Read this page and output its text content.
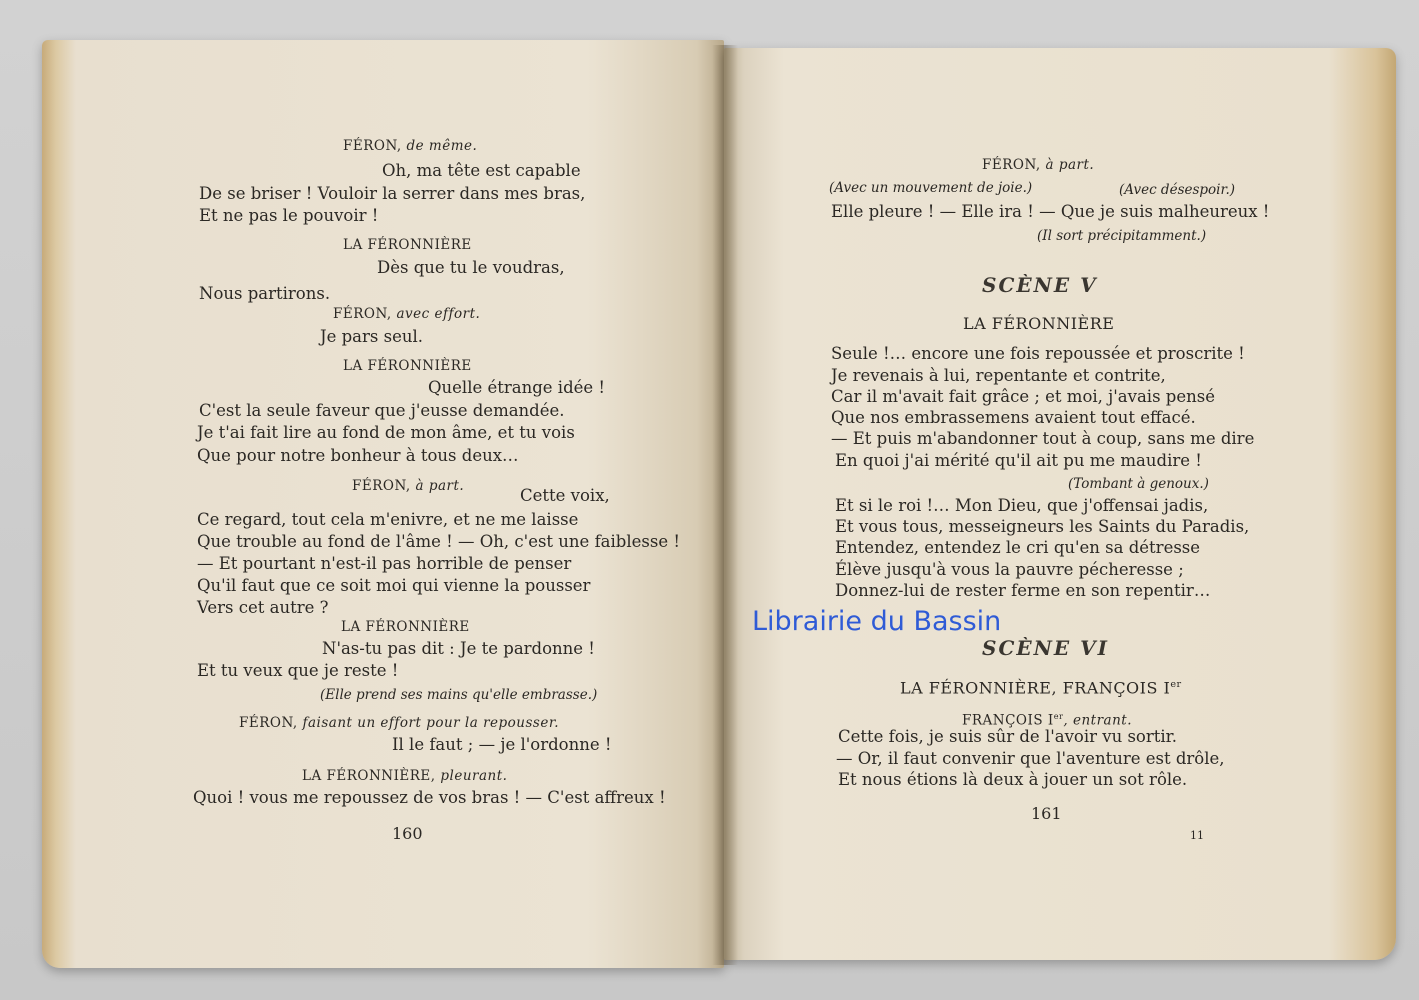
FÉRON, de même.
Oh, ma tête est capable
De se briser ! Vouloir la serrer dans mes bras,
Et ne pas le pouvoir !
LA FÉRONNIÈRE
Dès que tu le voudras,
Nous partirons.
FÉRON, avec effort.
Je pars seul.
LA FÉRONNIÈRE
Quelle étrange idée !
C'est la seule faveur que j'eusse demandée.
Je t'ai fait lire au fond de mon âme, et tu vois
Que pour notre bonheur à tous deux…
FÉRON, à part.	Cette voix,
Ce regard, tout cela m'enivre, et ne me laisse
Que trouble au fond de l'âme ! — Oh, c'est une faiblesse !
— Et pourtant n'est-il pas horrible de penser
Qu'il faut que ce soit moi qui vienne la pousser
Vers cet autre ?
LA FÉRONNIÈRE
N'as-tu pas dit : Je te pardonne !
Et tu veux que je reste !
(Elle prend ses mains qu'elle embrasse.)
FÉRON, faisant un effort pour la repousser.
Il le faut ; — je l'ordonne !
LA FÉRONNIÈRE, pleurant.
Quoi ! vous me repoussez de vos bras ! — C'est affreux !
FÉRON, à part.
(Avec un mouvement de joie.)	(Avec désespoir.)
Elle pleure ! — Elle ira ! — Que je suis malheureux !
(Il sort précipitamment.)
SCÈNE V
LA FÉRONNIÈRE
Seule !… encore une fois repoussée et proscrite !
Je revenais à lui, repentante et contrite,
Car il m'avait fait grâce ; et moi, j'avais pensé
Que nos embrassemens avaient tout effacé.
— Et puis m'abandonner tout à coup, sans me dire
En quoi j'ai mérité qu'il ait pu me maudire !
(Tombant à genoux.)
Et si le roi !… Mon Dieu, que j'offensai jadis,
Et vous tous, messeigneurs les Saints du Paradis,
Entendez, entendez le cri qu'en sa détresse
Élève jusqu'à vous la pauvre pécheresse ;
Donnez-lui de rester ferme en son repentir…
SCÈNE VI
LA FÉRONNIÈRE, FRANÇOIS Ier
FRANÇOIS Ier, entrant.
Cette fois, je suis sûr de l'avoir vu sortir.
— Or, il faut convenir que l'aventure est drôle,
Et nous étions là deux à jouer un sot rôle.
160
161
11
Librairie du Bassin
